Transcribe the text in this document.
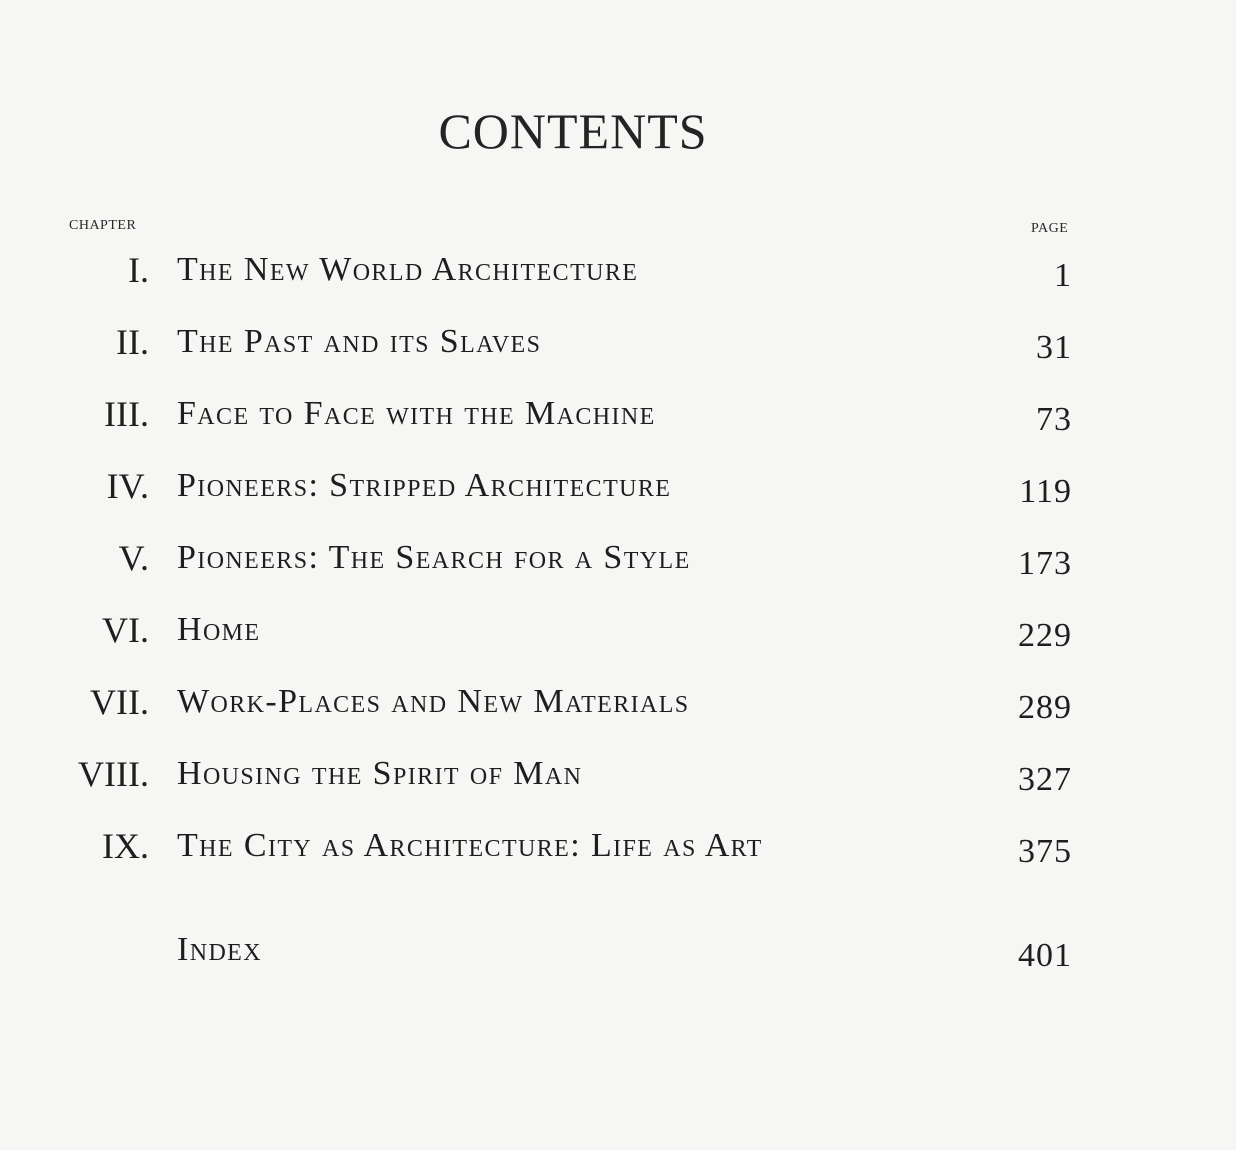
CONTENTS
CHAPTER	PAGE
I. The New World Architecture	1
II. The Past and its Slaves	31
III. Face to Face with the Machine	73
IV. Pioneers: Stripped Architecture	119
V. Pioneers: The Search for a Style	173
VI. Home	229
VII. Work-Places and New Materials	289
VIII. Housing the Spirit of Man	327
IX. The City as Architecture: Life as Art	375
Index	401
